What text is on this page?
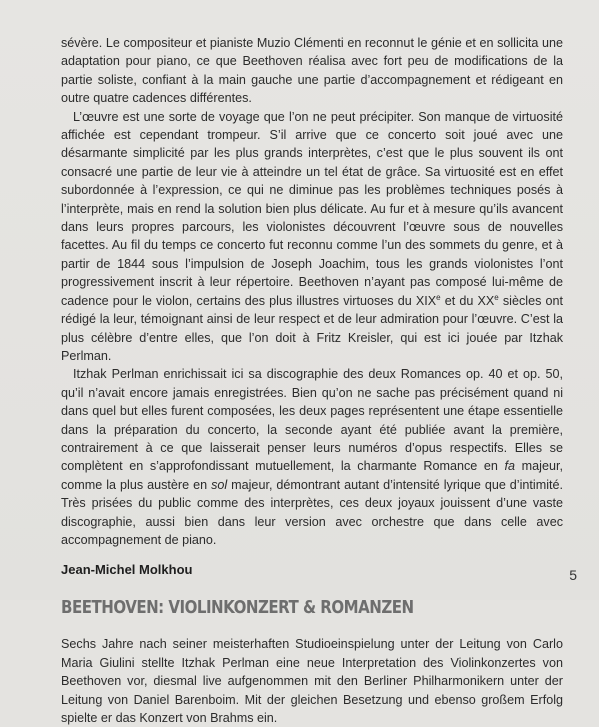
sévère. Le compositeur et pianiste Muzio Clémenti en reconnut le génie et en sollicita une adaptation pour piano, ce que Beethoven réalisa avec fort peu de modifications de la partie soliste, confiant à la main gauche une partie d’accompagnement et rédigeant en outre quatre cadences différentes.

L’œuvre est une sorte de voyage que l’on ne peut précipiter. Son manque de virtuosité affichée est cependant trompeur. S’il arrive que ce concerto soit joué avec une désarmante simplicité par les plus grands interprètes, c’est que le plus souvent ils ont consacré une partie de leur vie à atteindre un tel état de grâce. Sa virtuosité est en effet subordonnée à l’expression, ce qui ne diminue pas les problèmes techniques posés à l’interprète, mais en rend la solution bien plus délicate. Au fur et à mesure qu’ils avancent dans leurs propres parcours, les violonistes découvrent l’œuvre sous de nouvelles facettes. Au fil du temps ce concerto fut reconnu comme l’un des sommets du genre, et à partir de 1844 sous l’impulsion de Joseph Joachim, tous les grands violonistes l’ont progressivement inscrit à leur répertoire. Beethoven n’ayant pas composé lui-même de cadence pour le violon, certains des plus illustres virtuoses du XIXe et du XXe siècles ont rédigé la leur, témoignant ainsi de leur respect et de leur admiration pour l’œuvre. C’est la plus célèbre d’entre elles, que l’on doit à Fritz Kreisler, qui est ici jouée par Itzhak Perlman.

Itzhak Perlman enrichissait ici sa discographie des deux Romances op. 40 et op. 50, qu’il n’avait encore jamais enregistrées. Bien qu’on ne sache pas précisément quand ni dans quel but elles furent composées, les deux pages représentent une étape essentielle dans la préparation du concerto, la seconde ayant été publiée avant la première, contrairement à ce que laisserait penser leurs numéros d’opus respectifs. Elles se complètent en s’approfondissant mutuellement, la charmante Romance en fa majeur, comme la plus austère en sol majeur, démontrant autant d’intensité lyrique que d’intimité. Très prisées du public comme des interprètes, ces deux joyaux jouissent d’une vaste discographie, aussi bien dans leur version avec orchestre que dans celle avec accompagnement de piano.

Jean-Michel Molkhou
BEETHOVEN: VIOLINKONZERT & ROMANZEN

Sechs Jahre nach seiner meisterhaften Studioeinspielung unter der Leitung von Carlo Maria Giulini stellte Itzhak Perlman eine neue Interpretation des Violinkonzertes von Beethoven vor, diesmal live aufgenommen mit den Berliner Philharmonikern unter der Leitung von Daniel Barenboim. Mit der gleichen Besetzung und ebenso großem Erfolg spielte er das Konzert von Brahms ein.

5
